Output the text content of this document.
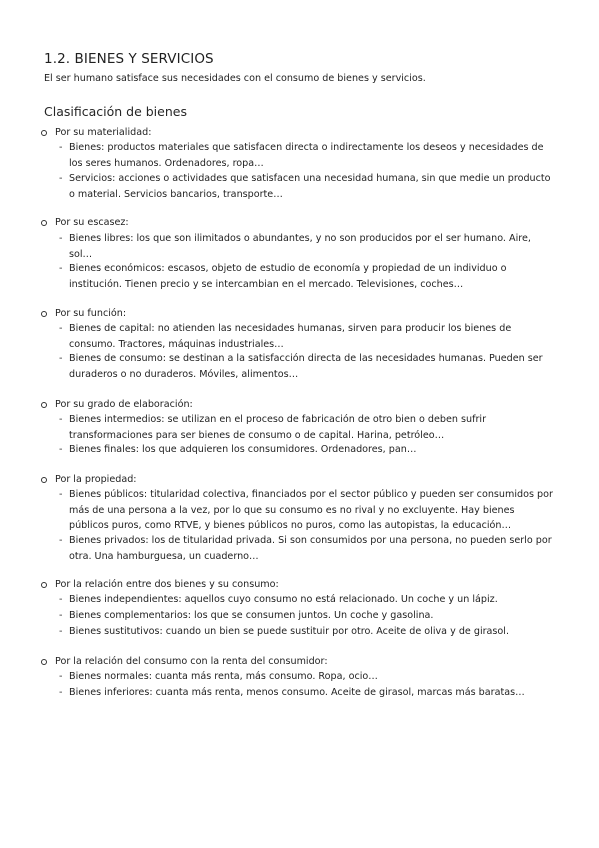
1.2. BIENES Y SERVICIOS
El ser humano satisface sus necesidades con el consumo de bienes y servicios.
Clasificación de bienes
Por su materialidad:
- Bienes: productos materiales que satisfacen directa o indirectamente los deseos y necesidades de los seres humanos. Ordenadores, ropa…
- Servicios: acciones o actividades que satisfacen una necesidad humana, sin que medie un producto o material. Servicios bancarios, transporte…
Por su escasez:
- Bienes libres: los que son ilimitados o abundantes, y no son producidos por el ser humano. Aire, sol…
- Bienes económicos: escasos, objeto de estudio de economía y propiedad de un individuo o institución. Tienen precio y se intercambian en el mercado. Televisiones, coches…
Por su función:
- Bienes de capital: no atienden las necesidades humanas, sirven para producir los bienes de consumo. Tractores, máquinas industriales…
- Bienes de consumo: se destinan a la satisfacción directa de las necesidades humanas. Pueden ser duraderos o no duraderos. Móviles, alimentos…
Por su grado de elaboración:
- Bienes intermedios: se utilizan en el proceso de fabricación de otro bien o deben sufrir transformaciones para ser bienes de consumo o de capital. Harina, petróleo…
- Bienes finales: los que adquieren los consumidores. Ordenadores, pan…
Por la propiedad:
- Bienes públicos: titularidad colectiva, financiados por el sector público y pueden ser consumidos por más de una persona a la vez, por lo que su consumo es no rival y no excluyente. Hay bienes públicos puros, como RTVE, y bienes públicos no puros, como las autopistas, la educación…
- Bienes privados: los de titularidad privada. Si son consumidos por una persona, no pueden serlo por otra. Una hamburguesa, un cuaderno…
Por la relación entre dos bienes y su consumo:
- Bienes independientes: aquellos cuyo consumo no está relacionado. Un coche y un lápiz.
- Bienes complementarios: los que se consumen juntos. Un coche y gasolina.
- Bienes sustitutivos: cuando un bien se puede sustituir por otro. Aceite de oliva y de girasol.
Por la relación del consumo con la renta del consumidor:
- Bienes normales: cuanta más renta, más consumo. Ropa, ocio…
- Bienes inferiores: cuanta más renta, menos consumo. Aceite de girasol, marcas más baratas…
